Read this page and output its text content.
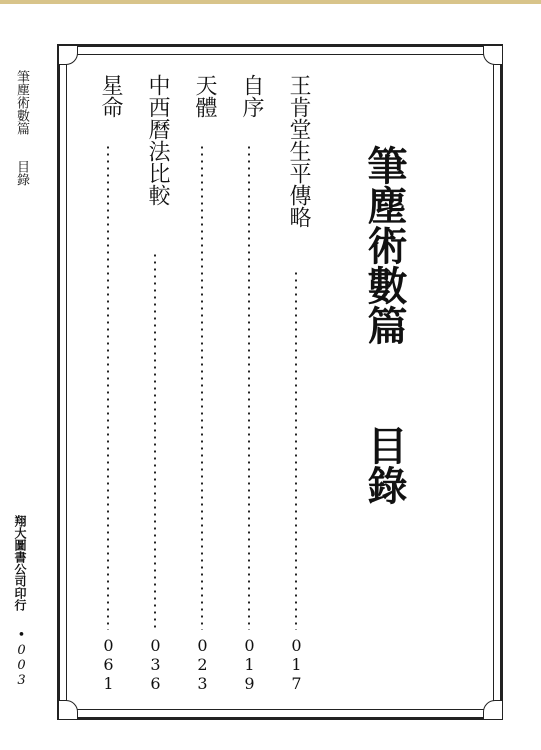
筆塵術數篇
目錄
翔大圖書公司印行
•003
筆塵術數篇
目錄
王肯堂生平傳略
017
自序
019
天體
023
中西曆法比較
036
星命
061
